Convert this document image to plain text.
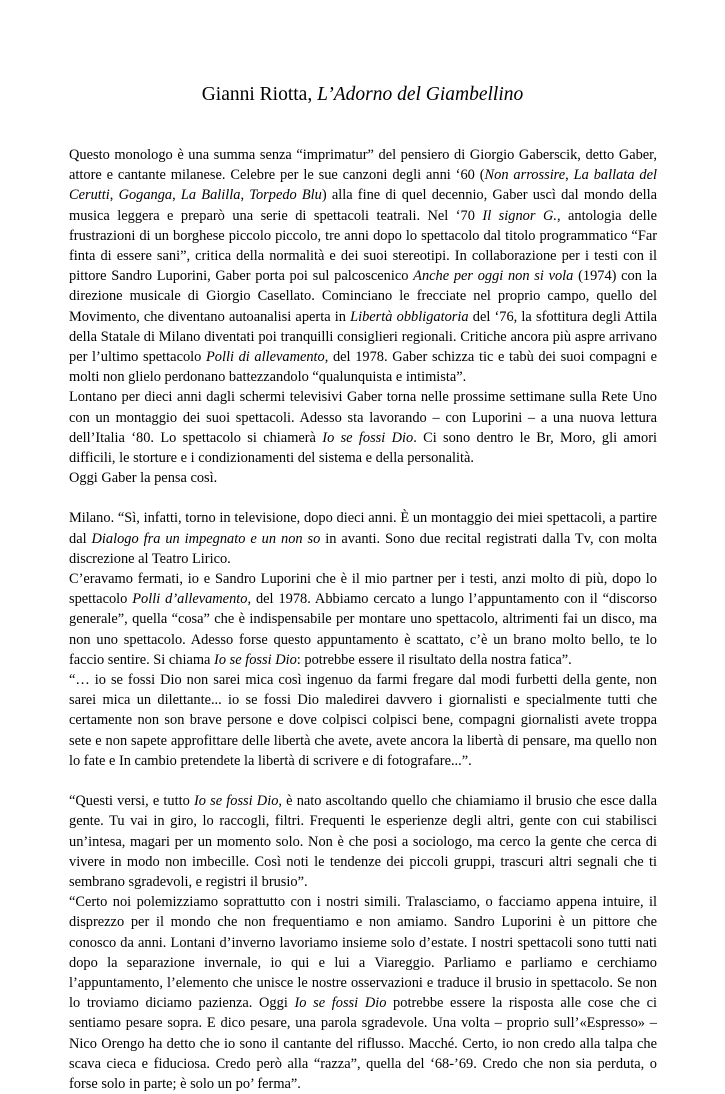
Gianni Riotta, L’Adorno del Giambellino

Questo monologo è una summa senza “imprimatur” del pensiero di Giorgio Gaberscik, detto Gaber, attore e cantante milanese. Celebre per le sue canzoni degli anni ‘60 (Non arrossire, La ballata del Cerutti, Goganga, La Balilla, Torpedo Blu) alla fine di quel decennio, Gaber uscì dal mondo della musica leggera e preparò una serie di spettacoli teatrali. Nel ‘70 Il signor G., antologia delle frustrazioni di un borghese piccolo piccolo, tre anni dopo lo spettacolo dal titolo programmatico “Far finta di essere sani”, critica della normalità e dei suoi stereotipi. In collaborazione per i testi con il pittore Sandro Luporini, Gaber porta poi sul palcoscenico Anche per oggi non si vola (1974) con la direzione musicale di Giorgio Casellato. Cominciano le frecciate nel proprio campo, quello del Movimento, che diventano autoanalisi aperta in Libertà obbligatoria del ‘76, la sfottitura degli Attila della Statale di Milano diventati poi tranquilli consiglieri regionali. Critiche ancora più aspre arrivano per l’ultimo spettacolo Polli di allevamento, del 1978. Gaber schizza tic e tabù dei suoi compagni e molti non glielo perdonano battezzandolo “qualunquista e intimista”.

Lontano per dieci anni dagli schermi televisivi Gaber torna nelle prossime settimane sulla Rete Uno con un montaggio dei suoi spettacoli. Adesso sta lavorando – con Luporini – a una nuova lettura dell’Italia ‘80. Lo spettacolo si chiamerà Io se fossi Dio. Ci sono dentro le Br, Moro, gli amori difficili, le storture e i condizionamenti del sistema e della personalità.

Oggi Gaber la pensa così.

Milano. “Sì, infatti, torno in televisione, dopo dieci anni. È un montaggio dei miei spettacoli, a partire dal Dialogo fra un impegnato e un non so in avanti. Sono due recital registrati dalla Tv, con molta discrezione al Teatro Lirico.

C’eravamo fermati, io e Sandro Luporini che è il mio partner per i testi, anzi molto di più, dopo lo spettacolo Polli d’allevamento, del 1978. Abbiamo cercato a lungo l’appuntamento con il “discorso generale”, quella “cosa” che è indispensabile per montare uno spettacolo, altrimenti fai un disco, ma non uno spettacolo. Adesso forse questo appuntamento è scattato, c’è un brano molto bello, te lo faccio sentire. Si chiama Io se fossi Dio: potrebbe essere il risultato della nostra fatica”.

“… io se fossi Dio non sarei mica così ingenuo da farmi fregare dal modi furbetti della gente, non sarei mica un dilettante... io se fossi Dio maledirei davvero i giornalisti e specialmente tutti che certamente non son brave persone e dove colpisci colpisci bene, compagni giornalisti avete troppa sete e non sapete approfittare delle libertà che avete, avete ancora la libertà di pensare, ma quello non lo fate e In cambio pretendete la libertà di scrivere e di fotografare...”.

“Questi versi, e tutto Io se fossi Dio, è nato ascoltando quello che chiamiamo il brusio che esce dalla gente. Tu vai in giro, lo raccogli, filtri. Frequenti le esperienze degli altri, gente con cui stabilisci un’intesa, magari per un momento solo. Non è che posi a sociologo, ma cerco la gente che cerca di vivere in modo non imbecille. Così noti le tendenze dei piccoli gruppi, trascuri altri segnali che ti sembrano sgradevoli, e registri il brusio”.

“Certo noi polemizziamo soprattutto con i nostri simili. Tralasciamo, o facciamo appena intuire, il disprezzo per il mondo che non frequentiamo e non amiamo. Sandro Luporini è un pittore che conosco da anni. Lontani d’inverno lavoriamo insieme solo d’estate. I nostri spettacoli sono tutti nati dopo la separazione invernale, io qui e lui a Viareggio. Parliamo e parliamo e cerchiamo l’appuntamento, l’elemento che unisce le nostre osservazioni e traduce il brusio in spettacolo. Se non lo troviamo diciamo pazienza. Oggi Io se fossi Dio potrebbe essere la risposta alle cose che ci sentiamo pesare sopra. E dico pesare, una parola sgradevole. Una volta – proprio sull’«Espresso» – Nico Orengo ha detto che io sono il cantante del riflusso. Macché. Certo, io non credo alla talpa che scava cieca e fiduciosa. Credo però alla “razza”, quella del ‘68-’69. Credo che non sia perduta, o forse solo in parte; è solo un po’ ferma”.
